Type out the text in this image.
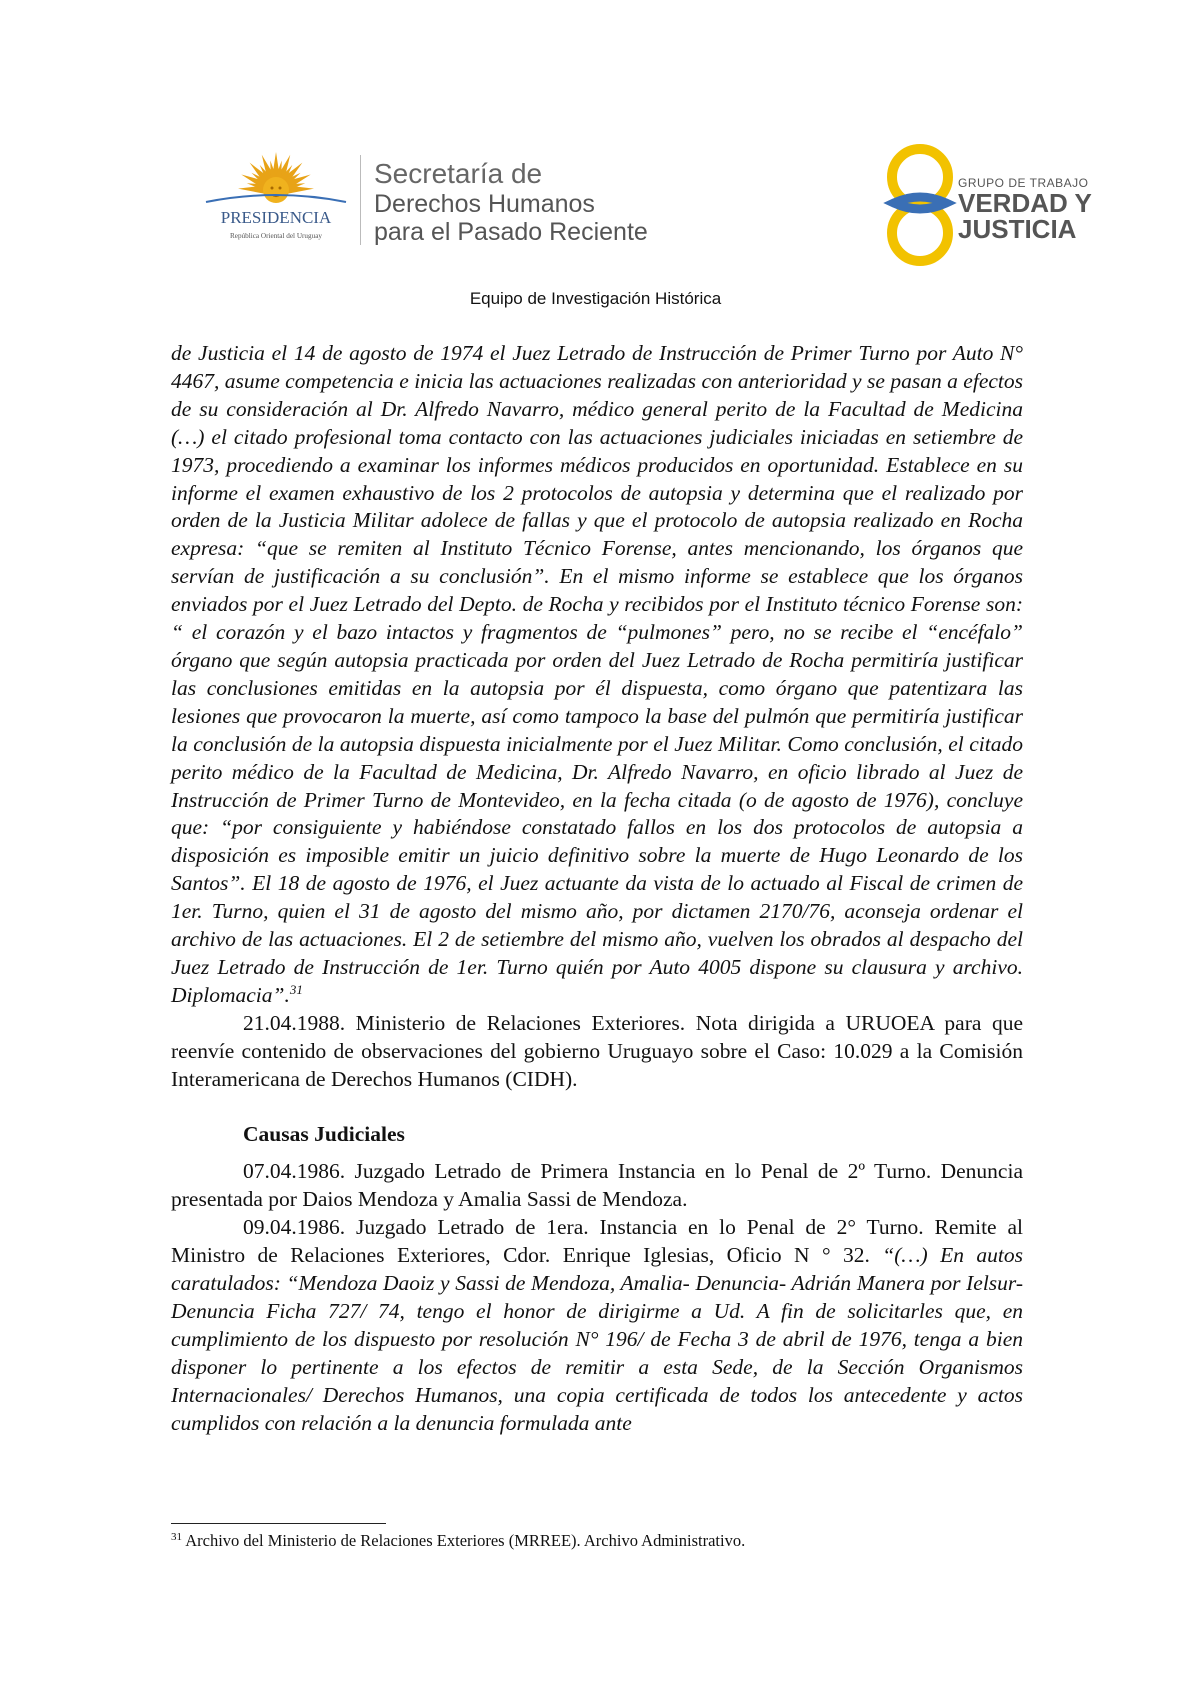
PRESIDENCIA
República Oriental del Uruguay
Secretaría de
Derechos Humanos
para el Pasado Reciente
GRUPO DE TRABAJO
VERDAD Y
JUSTICIA
Equipo de Investigación Histórica

de Justicia el 14 de agosto de 1974 el Juez Letrado de Instrucción de Primer Turno por Auto N° 4467, asume competencia e inicia las actuaciones realizadas con anterioridad y se pasan a efectos de su consideración al Dr. Alfredo Navarro, médico general perito de la Facultad de Medicina (…) el citado profesional toma contacto con las actuaciones judiciales iniciadas en setiembre de 1973, procediendo a examinar los informes médicos producidos en oportunidad. Establece en su informe el examen exhaustivo de los 2 protocolos de autopsia y determina que el realizado por orden de la Justicia Militar adolece de fallas y que el protocolo de autopsia realizado en Rocha expresa: “que se remiten al Instituto Técnico Forense, antes mencionando, los órganos que servían de justificación a su conclusión”. En el mismo informe se establece que los órganos enviados por el Juez Letrado del Depto. de Rocha y recibidos por el Instituto técnico Forense son: “ el corazón y el bazo intactos y fragmentos de “pulmones” pero, no se recibe el “encéfalo” órgano que según autopsia practicada por orden del Juez Letrado de Rocha permitiría justificar las conclusiones emitidas en la autopsia por él dispuesta, como órgano que patentizara las lesiones que provocaron la muerte, así como tampoco la base del pulmón que permitiría justificar la conclusión de la autopsia dispuesta inicialmente por el Juez Militar. Como conclusión, el citado perito médico de la Facultad de Medicina, Dr. Alfredo Navarro, en oficio librado al Juez de Instrucción de Primer Turno de Montevideo, en la fecha citada (o de agosto de 1976), concluye que: “por consiguiente y habiéndose constatado fallos en los dos protocolos de autopsia a disposición es imposible emitir un juicio definitivo sobre la muerte de Hugo Leonardo de los Santos”. El 18 de agosto de 1976, el Juez actuante da vista de lo actuado al Fiscal de crimen de 1er. Turno, quien el 31 de agosto del mismo año, por dictamen 2170/76, aconseja ordenar el archivo de las actuaciones. El 2 de setiembre del mismo año, vuelven los obrados al despacho del Juez Letrado de Instrucción de 1er. Turno quién por Auto 4005 dispone su clausura y archivo. Diplomacia”.$^{31}$

21.04.1988. Ministerio de Relaciones Exteriores. Nota dirigida a URUOEA para que reenvíe contenido de observaciones del gobierno Uruguayo sobre el Caso: 10.029 a la Comisión Interamericana de Derechos Humanos (CIDH).

Causas Judiciales

07.04.1986. Juzgado Letrado de Primera Instancia en lo Penal de 2º Turno. Denuncia presentada por Daios Mendoza y Amalia Sassi de Mendoza.

09.04.1986. Juzgado Letrado de 1era. Instancia en lo Penal de 2° Turno. Remite al Ministro de Relaciones Exteriores, Cdor. Enrique Iglesias, Oficio N ° 32. “(…) En autos caratulados: “Mendoza Daoiz y Sassi de Mendoza, Amalia- Denuncia- Adrián Manera por Ielsur- Denuncia Ficha 727/ 74, tengo el honor de dirigirme a Ud. A fin de solicitarles que, en cumplimiento de los dispuesto por resolución N° 196/ de Fecha 3 de abril de 1976, tenga a bien disponer lo pertinente a los efectos de remitir a esta Sede, de la Sección Organismos Internacionales/ Derechos Humanos, una copia certificada de todos los antecedente y actos cumplidos con relación a la denuncia formulada ante

$^{31}$ Archivo del Ministerio de Relaciones Exteriores (MRREE). Archivo Administrativo.
